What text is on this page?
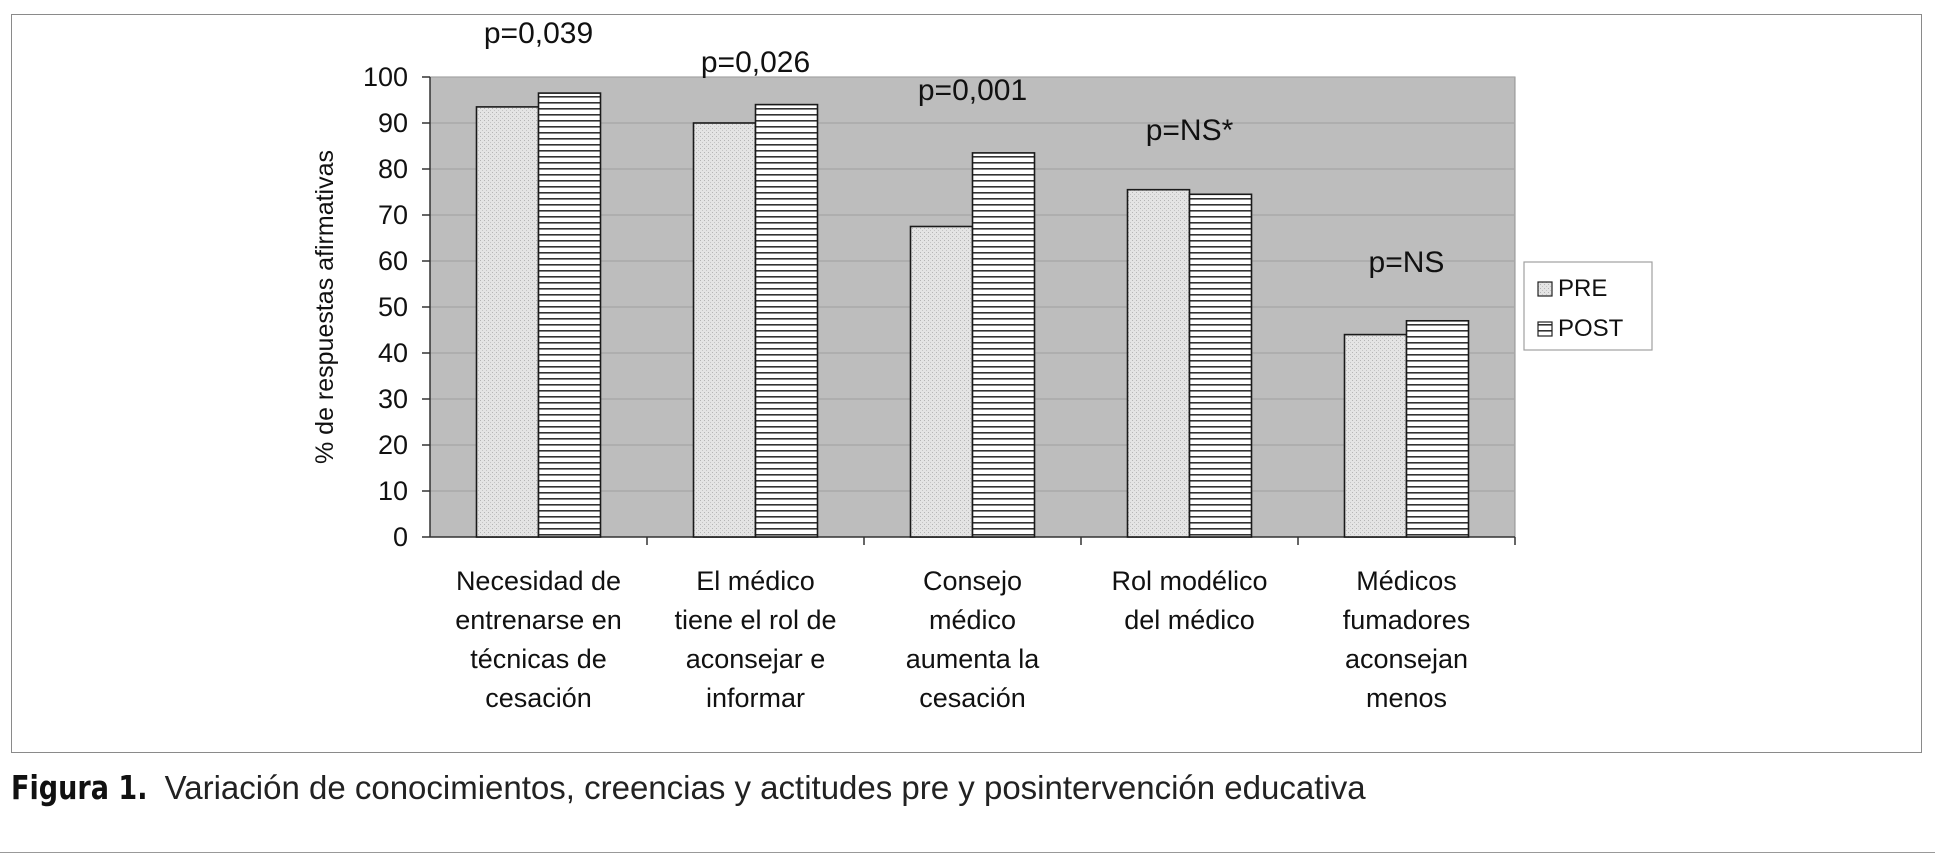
0
10
20
30
40
50
60
70
80
90
100
% de respuestas afirmativas
Necesidad de
entrenarse en
técnicas de
cesación
p=0,039
El médico
tiene el rol de
aconsejar e
informar
p=0,026
Consejo
médico
aumenta la
cesación
p=0,001
Rol modélico
del médico
p=NS*
Médicos
fumadores
aconsejan
menos
p=NS
PRE
POST
Figura 1. Variación de conocimientos, creencias y actitudes pre y posintervención educativa
